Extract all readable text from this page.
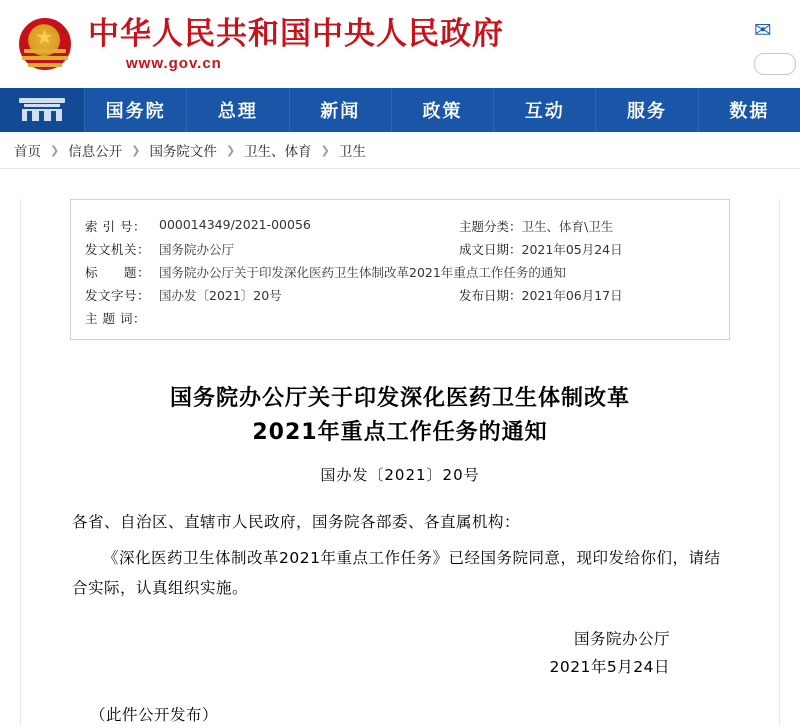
★ 中华人民共和国中央人民政府
www.gov.cn
✉
国务院	总理	新闻	政策	互动	服务	数据
首页 ❯ 信息公开 ❯ 国务院文件 ❯ 卫生、体育 ❯ 卫生
索 引 号：	000014349/2021-00056	主题分类：	卫生、体育\卫生
发文机关：	国务院办公厅	成文日期：	2021年05月24日
标　　题：	国务院办公厅关于印发深化医药卫生体制改革2021年重点工作任务的通知		
发文字号：	国办发〔2021〕20号	发布日期：	2021年06月17日
主 题 词：			
国务院办公厅关于印发深化医药卫生体制改革
2021年重点工作任务的通知
国办发〔2021〕20号
各省、自治区、直辖市人民政府，国务院各部委、各直属机构：
《深化医药卫生体制改革2021年重点工作任务》已经国务院同意，现印发给你们，请结合实际，认真组织实施。
国务院办公厅
2021年5月24日
（此件公开发布）
